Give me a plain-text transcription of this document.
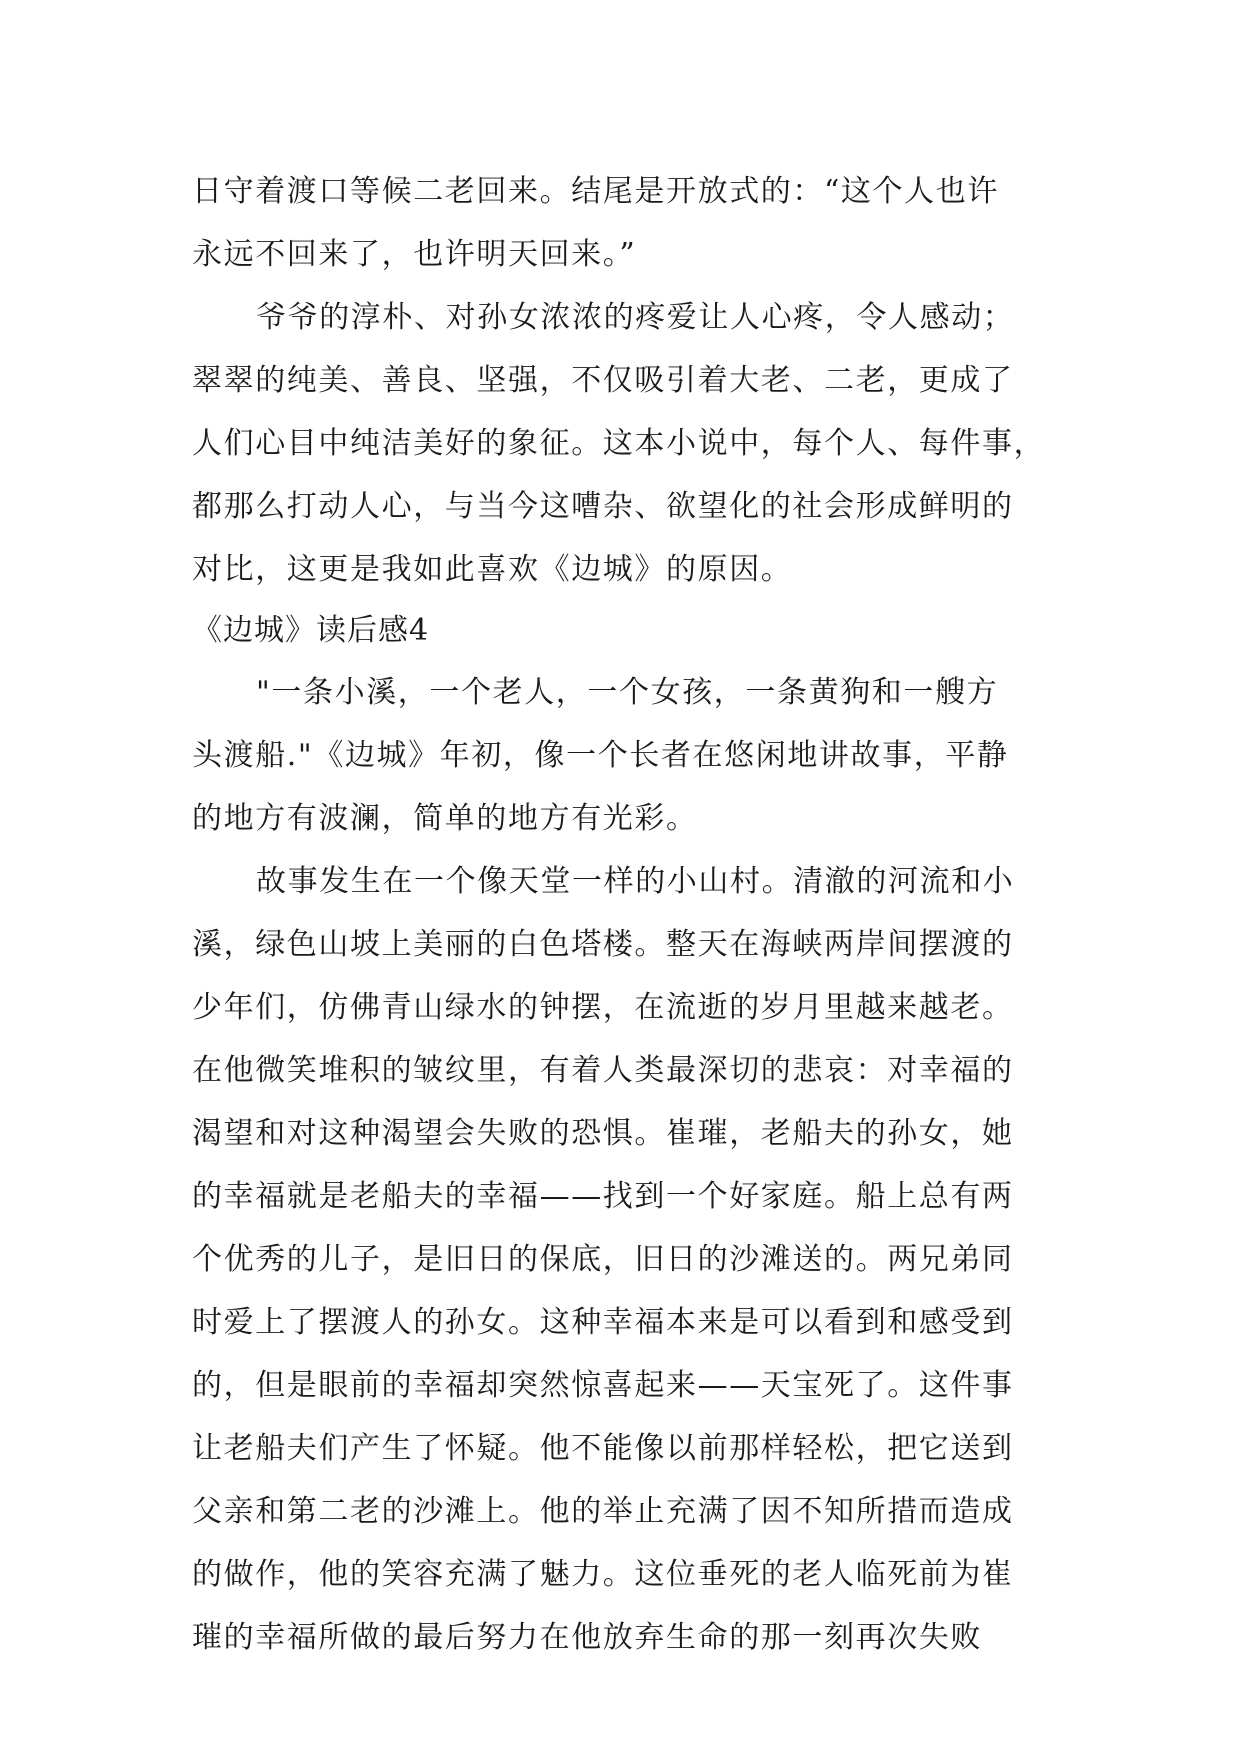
日守着渡口等候二老回来。结尾是开放式的：“这个人也许
永远不回来了，也许明天回来。”
爷爷的淳朴、对孙女浓浓的疼爱让人心疼，令人感动；
翠翠的纯美、善良、坚强，不仅吸引着大老、二老，更成了
人们心目中纯洁美好的象征。这本小说中，每个人、每件事，
都那么打动人心，与当今这嘈杂、欲望化的社会形成鲜明的
对比，这更是我如此喜欢《边城》的原因。
《边城》读后感4
"一条小溪，一个老人，一个女孩，一条黄狗和一艘方
头渡船."《边城》年初，像一个长者在悠闲地讲故事，平静
的地方有波澜，简单的地方有光彩。
故事发生在一个像天堂一样的小山村。清澈的河流和小
溪，绿色山坡上美丽的白色塔楼。整天在海峡两岸间摆渡的
少年们，仿佛青山绿水的钟摆，在流逝的岁月里越来越老。
在他微笑堆积的皱纹里，有着人类最深切的悲哀：对幸福的
渴望和对这种渴望会失败的恐惧。崔璀，老船夫的孙女，她
的幸福就是老船夫的幸福——找到一个好家庭。船上总有两
个优秀的儿子，是旧日的保底，旧日的沙滩送的。两兄弟同
时爱上了摆渡人的孙女。这种幸福本来是可以看到和感受到
的，但是眼前的幸福却突然惊喜起来——天宝死了。这件事
让老船夫们产生了怀疑。他不能像以前那样轻松，把它送到
父亲和第二老的沙滩上。他的举止充满了因不知所措而造成
的做作，他的笑容充满了魅力。这位垂死的老人临死前为崔
璀的幸福所做的最后努力在他放弃生命的那一刻再次失败
